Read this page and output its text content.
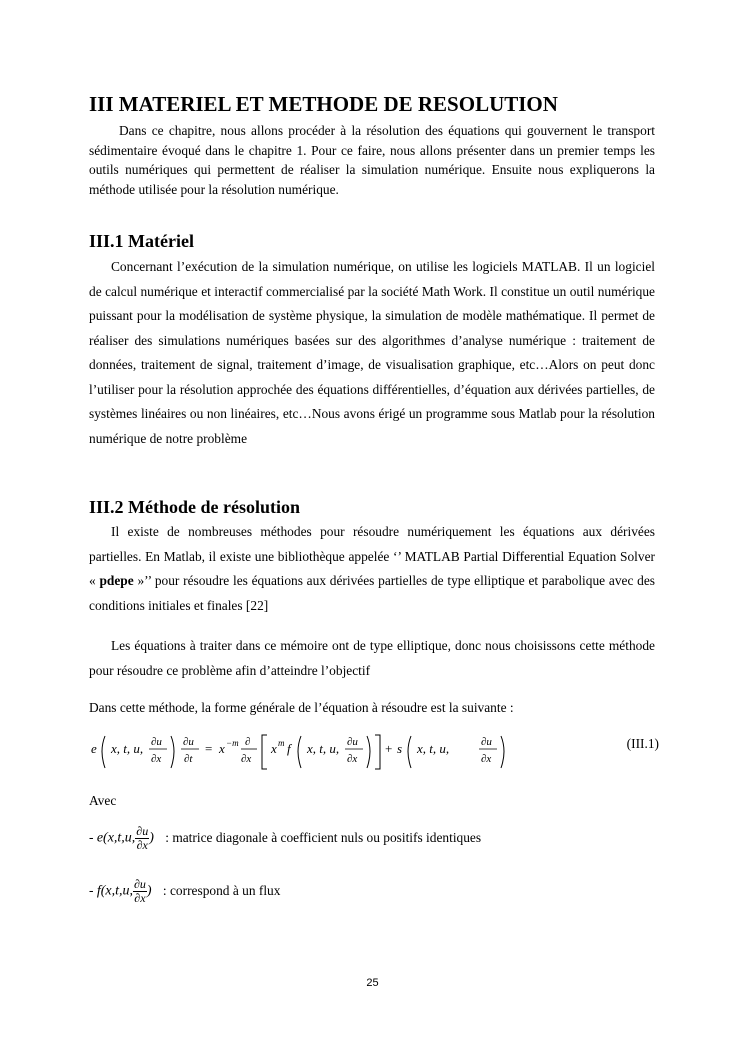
III MATERIEL ET METHODE DE RESOLUTION

Dans ce chapitre, nous allons procéder à la résolution des équations qui gouvernent le transport sédimentaire évoqué dans le chapitre 1. Pour ce faire, nous allons présenter dans un premier temps les outils numériques qui permettent de réaliser la simulation numérique. Ensuite nous expliquerons la méthode utilisée pour la résolution numérique.

III.1 Matériel

Concernant l’exécution de la simulation numérique, on utilise les logiciels MATLAB. Il un logiciel de calcul numérique et interactif commercialisé par la société Math Work. Il constitue un outil numérique puissant pour la modélisation de système physique, la simulation de modèle mathématique. Il permet de réaliser des simulations numériques basées sur des algorithmes d’analyse numérique : traitement de données, traitement de signal, traitement d’image, de visualisation graphique, etc…Alors on peut donc l’utiliser pour la résolution approchée des équations différentielles, d’équation aux dérivées partielles, de systèmes linéaires ou non linéaires, etc…Nous avons érigé un programme sous Matlab pour la résolution numérique de notre problème

III.2 Méthode de résolution

Il existe de nombreuses méthodes pour résoudre numériquement les équations aux dérivées partielles. En Matlab, il existe une bibliothèque appelée ‘’ MATLAB Partial Differential Equation Solver « pdepe »’’ pour résoudre les équations aux dérivées partielles de type elliptique et parabolique avec des conditions initiales et finales [22]

Les équations à traiter dans ce mémoire ont de type elliptique, donc nous choisissons cette méthode pour résoudre ce problème afin d’atteindre l’objectif

Dans cette méthode, la forme générale de l’équation à résoudre est la suivante :
e x, t, u, ∂u
∂x
∂u
∂t
= x −m ∂
∂x
x m f x, t, u, ∂u
∂x
+ s x, t, u,	∂u
∂x
(III.1)
Avec
- e(x,t,u, $\frac{\partial u}{\partial x}$ ) : matrice diagonale à coefficient nuls ou positifs identiques
- f(x,t,u, $\frac{\partial u}{\partial x}$ ) : correspond à un flux
25
